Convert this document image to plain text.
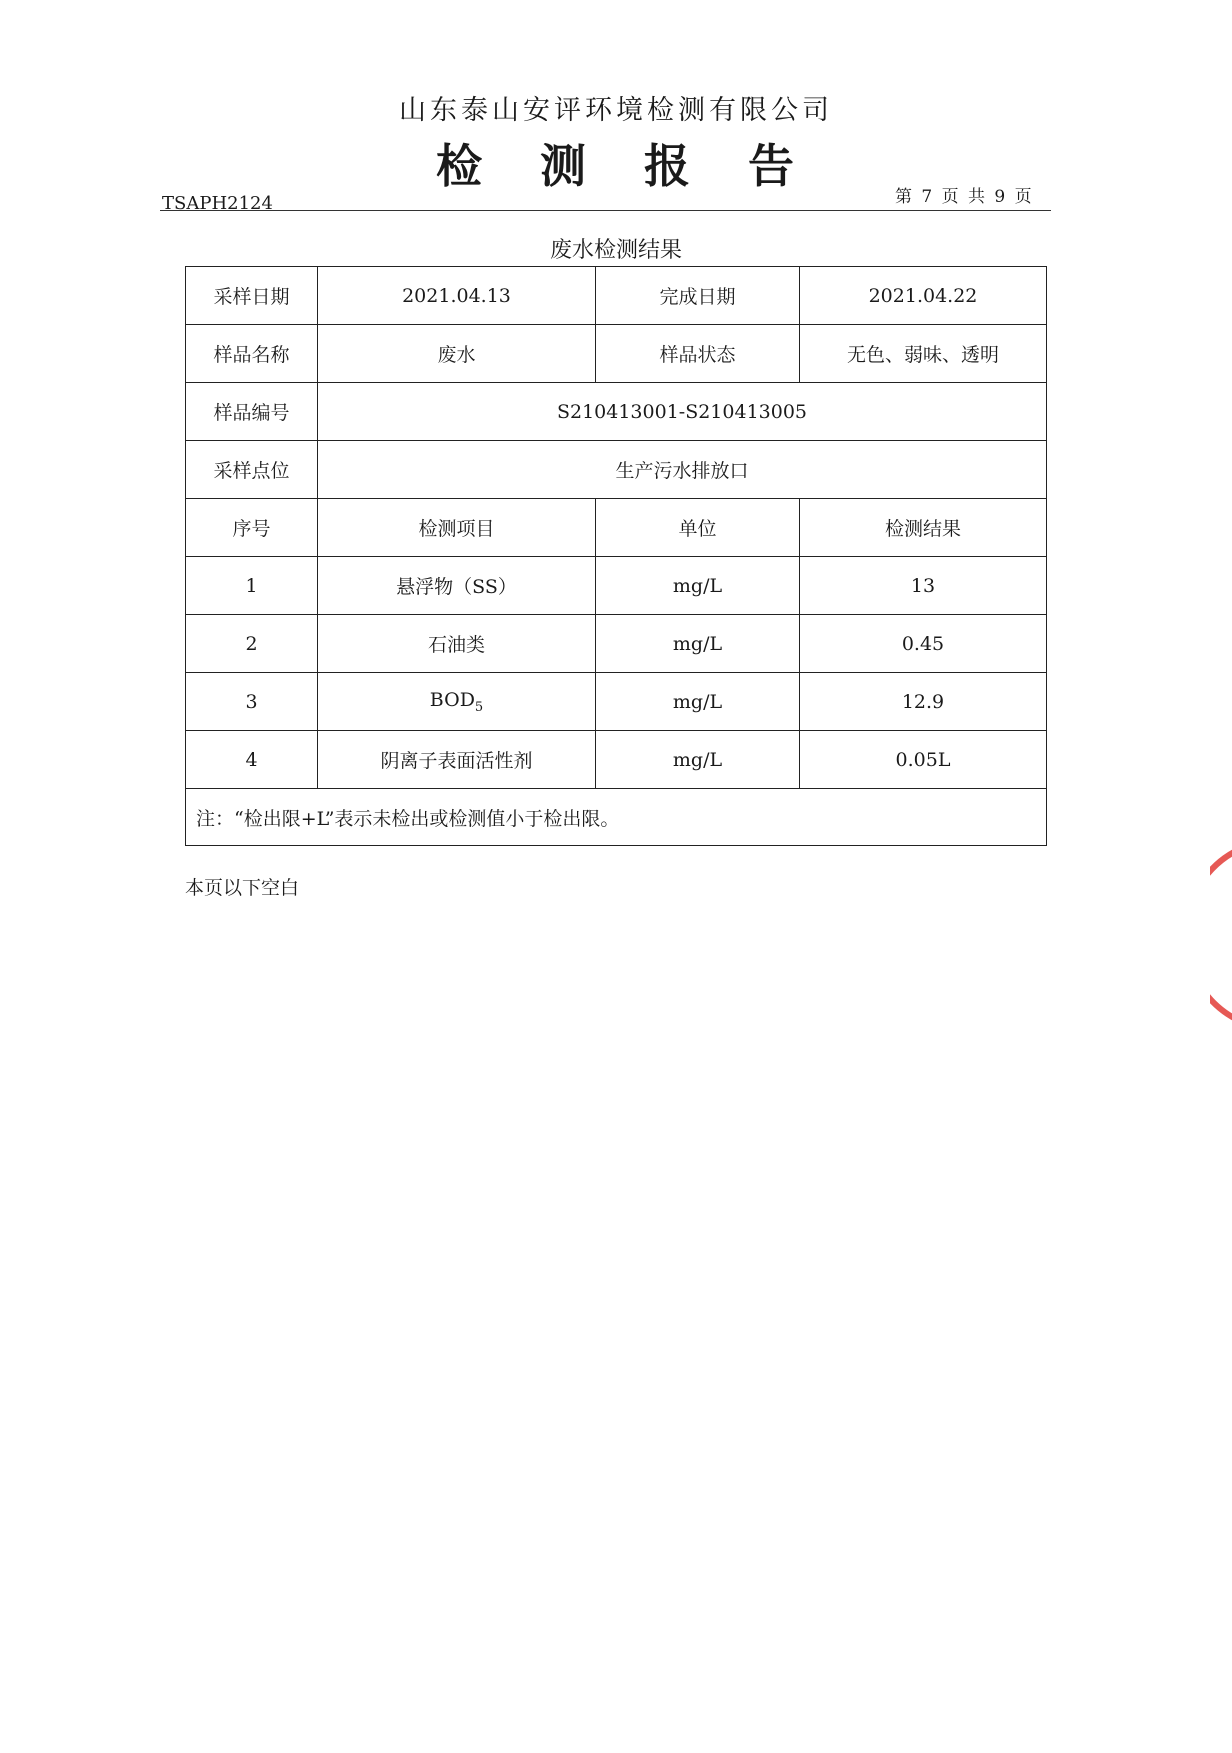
山东泰山安评环境检测有限公司
检 测 报 告
TSAPH2124	第 7 页 共 9 页
废水检测结果
采样日期	2021.04.13	完成日期	2021.04.22
样品名称	废水	样品状态	无色、弱味、透明
样品编号	S210413001-S210413005		
采样点位	生产污水排放口		
序号	检测项目	单位	检测结果
1	悬浮物（SS）	mg/L	13
2	石油类	mg/L	0.45
3	$BOD_5$	mg/L	12.9
4	阴离子表面活性剂	mg/L	0.05L
注：“检出限+L”表示未检出或检测值小于检出限。			
本页以下空白
